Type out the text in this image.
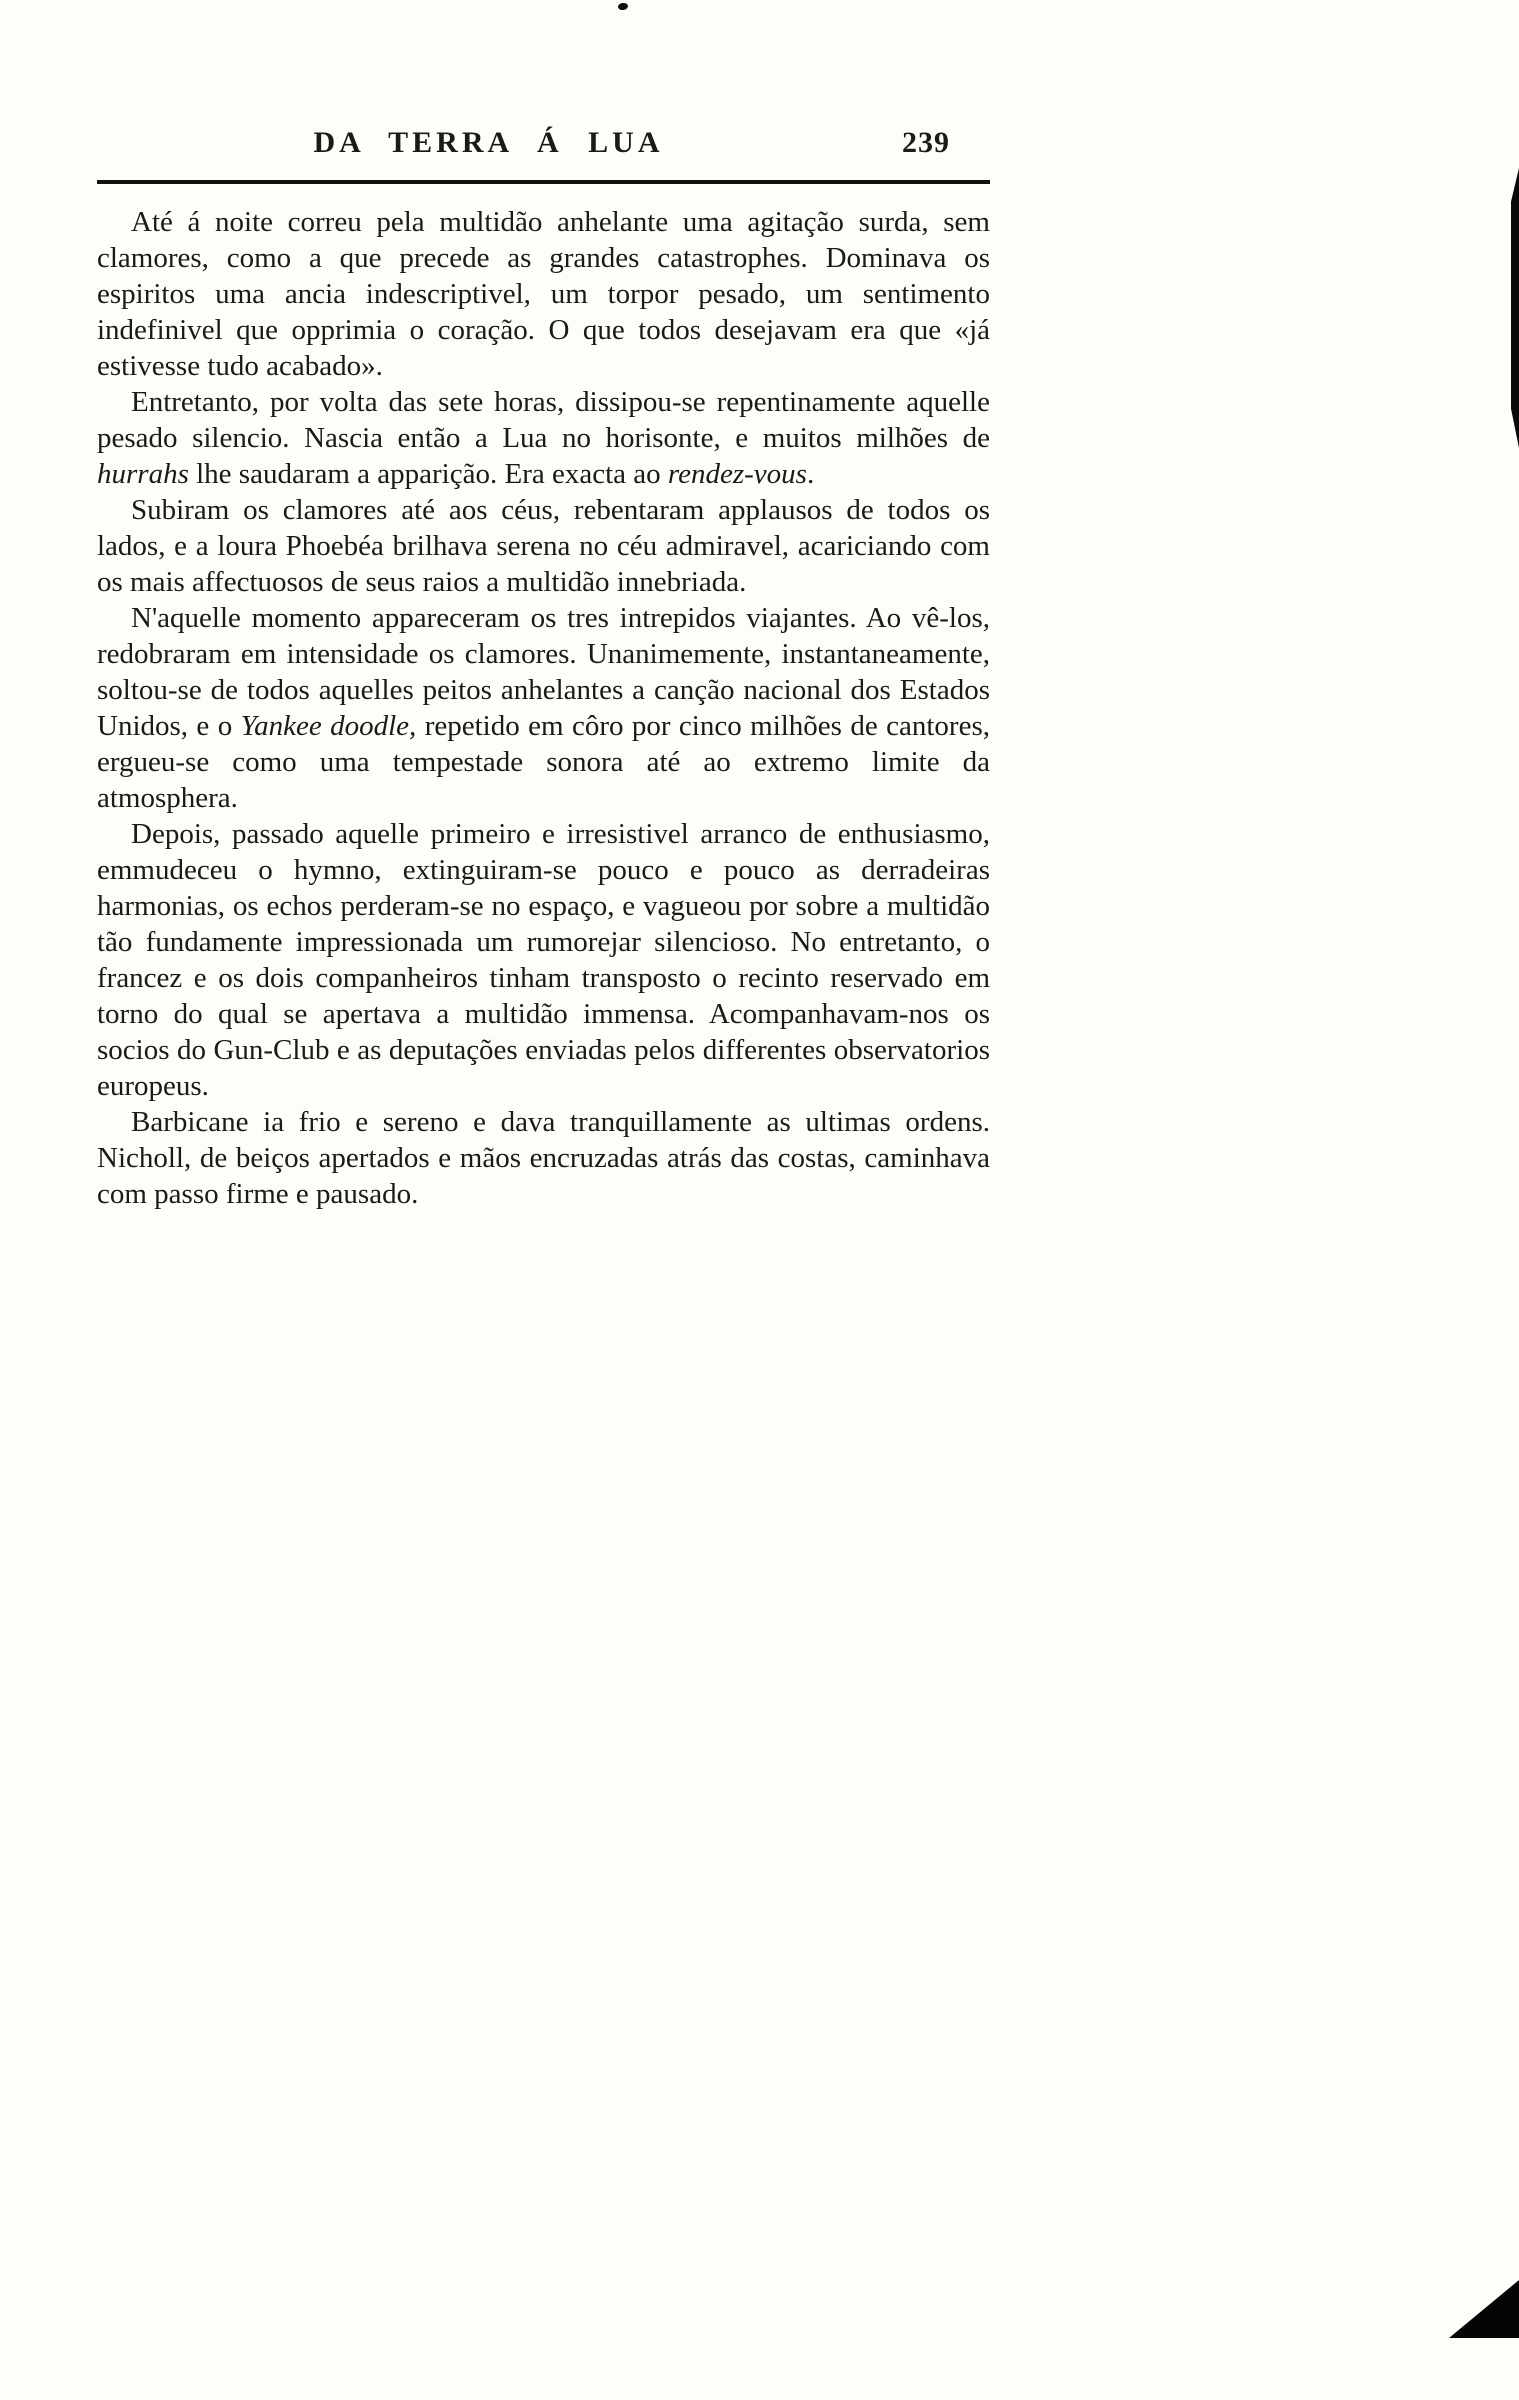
DA TERRA Á LUA	239

Até á noite correu pela multidão anhelante uma agitação surda, sem clamores, como a que precede as grandes catastrophes. Dominava os espiritos uma ancia indescriptivel, um torpor pesado, um sentimento indefinivel que opprimia o coração. O que todos desejavam era que «já estivesse tudo acabado».

Entretanto, por volta das sete horas, dissipou-se repentinamente aquelle pesado silencio. Nascia então a Lua no horisonte, e muitos milhões de hurrahs lhe saudaram a apparição. Era exacta ao rendez-vous.

Subiram os clamores até aos céus, rebentaram applausos de todos os lados, e a loura Phoebéa brilhava serena no céu admiravel, acariciando com os mais affectuosos de seus raios a multidão innebriada.

N'aquelle momento appareceram os tres intrepidos viajantes. Ao vê-los, redobraram em intensidade os clamores. Unanimemente, instantaneamente, soltou-se de todos aquelles peitos anhelantes a canção nacional dos Estados Unidos, e o Yankee doodle, repetido em côro por cinco milhões de cantores, ergueu-se como uma tempestade sonora até ao extremo limite da atmosphera.

Depois, passado aquelle primeiro e irresistivel arranco de enthusiasmo, emmudeceu o hymno, extinguiram-se pouco e pouco as derradeiras harmonias, os echos perderam-se no espaço, e vagueou por sobre a multidão tão fundamente impressionada um rumorejar silencioso. No entretanto, o francez e os dois companheiros tinham transposto o recinto reservado em torno do qual se apertava a multidão immensa. Acompanhavam-nos os socios do Gun-Club e as deputações enviadas pelos differentes observatorios europeus.

Barbicane ia frio e sereno e dava tranquillamente as ultimas ordens. Nicholl, de beiços apertados e mãos encruzadas atrás das costas, caminhava com passo firme e pausado.
